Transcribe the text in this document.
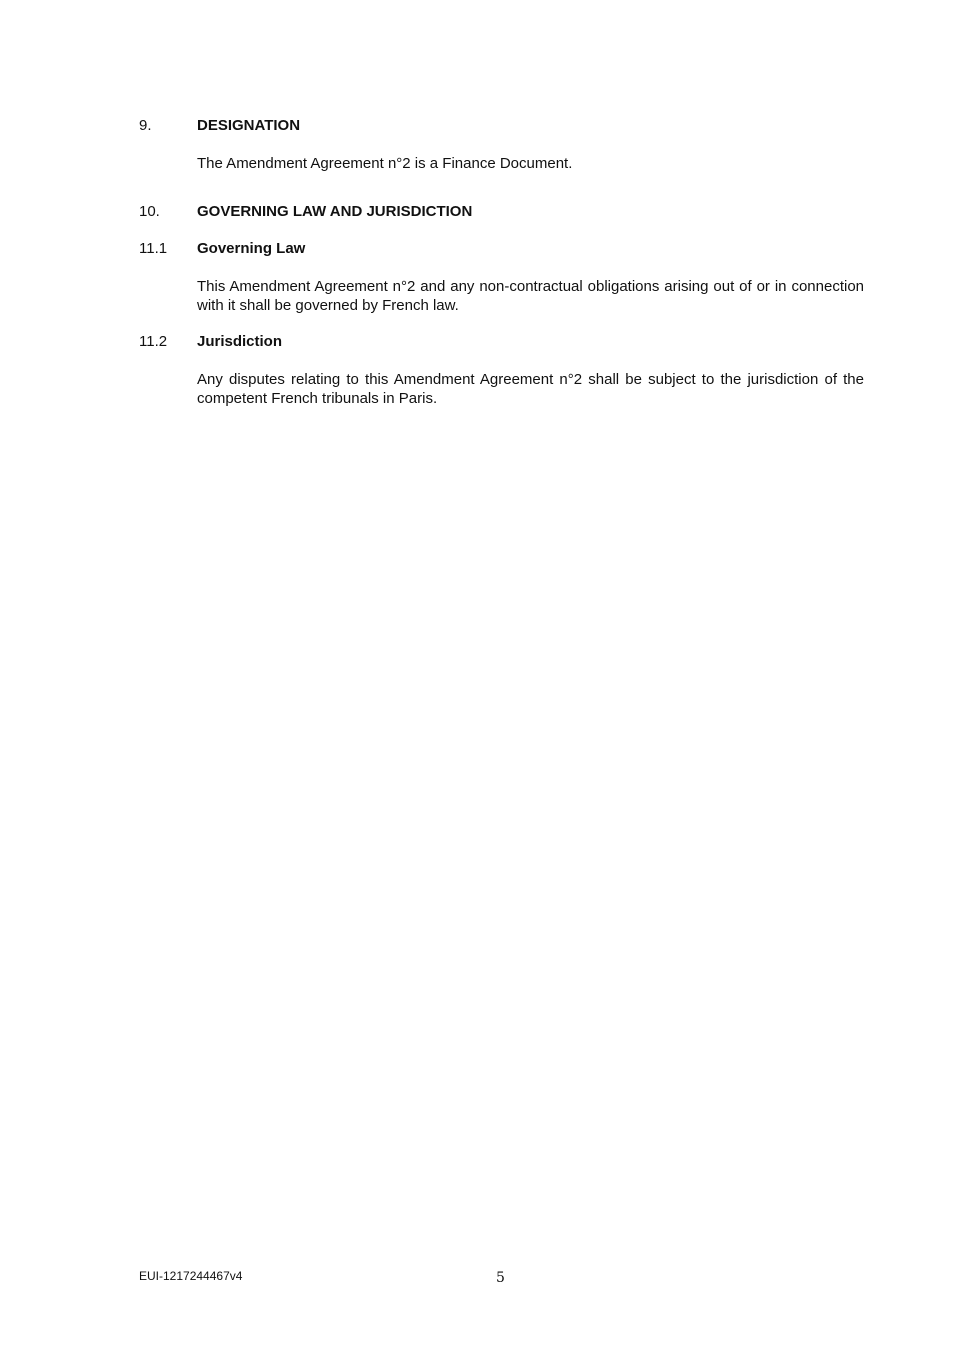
9.	DESIGNATION
The Amendment Agreement n°2 is a Finance Document.
10.	GOVERNING LAW AND JURISDICTION
11.1	Governing Law
This Amendment Agreement n°2 and any non-contractual obligations arising out of or in connection with it shall be governed by French law.
11.2	Jurisdiction
Any disputes relating to this Amendment Agreement n°2 shall be subject to the jurisdiction of the competent French tribunals in Paris.
EUI-1217244467v4	5
